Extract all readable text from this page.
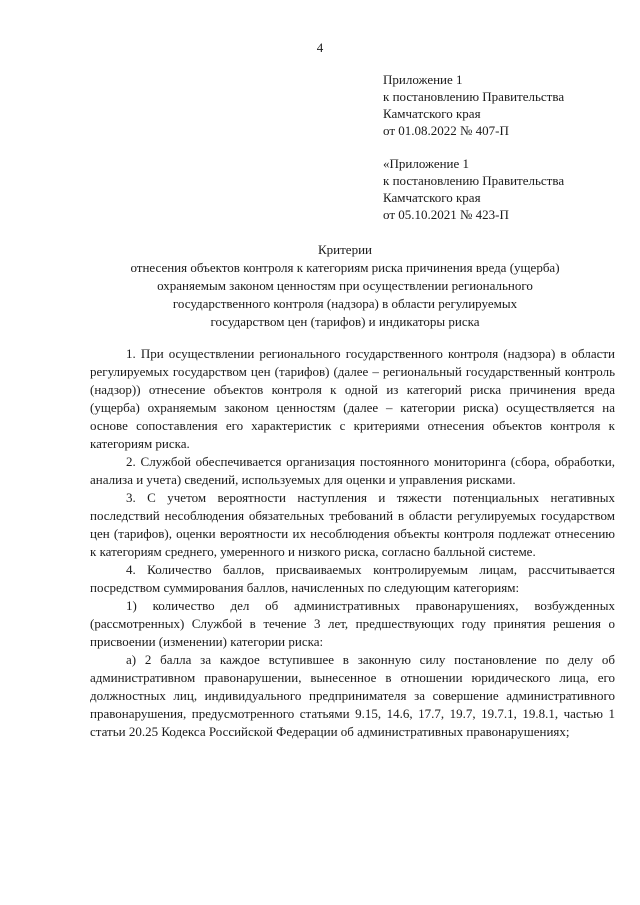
4
Приложение 1
к постановлению Правительства
Камчатского края
от 01.08.2022 № 407-П
«Приложение 1
к постановлению Правительства
Камчатского края
от 05.10.2021 № 423-П
Критерии
отнесения объектов контроля к категориям риска причинения вреда (ущерба)
охраняемым законом ценностям при осуществлении регионального
государственного контроля (надзора) в области регулируемых
государством цен (тарифов) и индикаторы риска

1. При осуществлении регионального государственного контроля (надзора) в области регулируемых государством цен (тарифов) (далее – региональный государственный контроль (надзор)) отнесение объектов контроля к одной из категорий риска причинения вреда (ущерба) охраняемым законом ценностям (далее – категории риска) осуществляется на основе сопоставления его характеристик с критериями отнесения объектов контроля к категориям риска.

2. Службой обеспечивается организация постоянного мониторинга (сбора, обработки, анализа и учета) сведений, используемых для оценки и управления рисками.

3. С учетом вероятности наступления и тяжести потенциальных негативных последствий несоблюдения обязательных требований в области регулируемых государством цен (тарифов), оценки вероятности их несоблюдения объекты контроля подлежат отнесению к категориям среднего, умеренного и низкого риска, согласно балльной системе.

4. Количество баллов, присваиваемых контролируемым лицам, рассчитывается посредством суммирования баллов, начисленных по следующим категориям:

1) количество дел об административных правонарушениях, возбужденных (рассмотренных) Службой в течение 3 лет, предшествующих году принятия решения о присвоении (изменении) категории риска:

а) 2 балла за каждое вступившее в законную силу постановление по делу об административном правонарушении, вынесенное в отношении юридического лица, его должностных лиц, индивидуального предпринимателя за совершение административного правонарушения, предусмотренного статьями 9.15, 14.6, 17.7, 19.7, 19.7.1, 19.8.1, частью 1 статьи 20.25 Кодекса Российской Федерации об административных правонарушениях;
